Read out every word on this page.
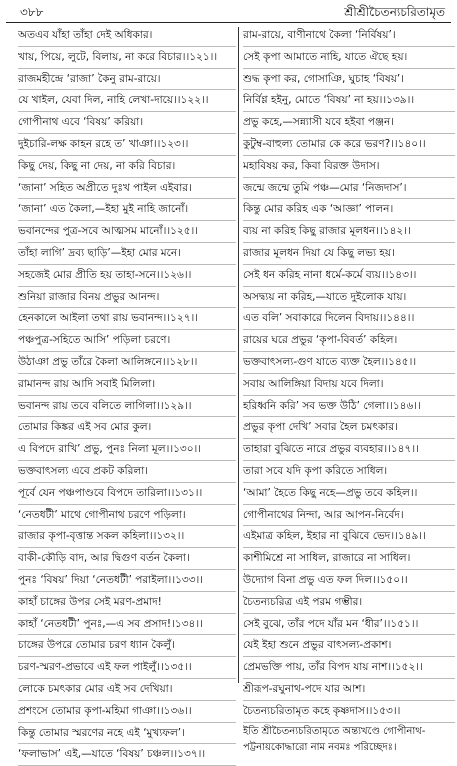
৩৮৮	শ্রীশ্রীচৈতন্যচরিতামৃত
অতএব যাঁহা তাঁহা দেই অধিকার।
খায়, পিয়ে, লুটে, বিলায়, না করে বিচার।।১২১।।
রাজমহীন্দ্রে ‘রাজা’ কৈনু রাম-রায়ে।
যে খাইল, যেবা দিল, নাহি লেখা-দায়ে।।১২২।।
গোপীনাথ এবে ‘বিষয়’ করিয়া।
দুইচারি-লক্ষ কাহন রহে ত’ খাঞা।।১২৩।।
কিছু দেয়, কিছু না দেয়, না করি বিচার।
‘জানা’ সহিত অপ্রীতে দুঃখ পাইল এইবার।
‘জানা’ এত কৈলা,—ইহা মুই নাহি জানোঁ।
ভবানন্দের পুত্র-সবে আত্মসম মানোঁ।।১২৫।।
তাঁহা লাগি’ দ্রব্য ছাড়ি’—ইহা মোর মনে।
সহজেই মোর প্রীতি হয় তাহা-সনে।।১২৬।।
শুনিয়া রাজার বিনয় প্রভুর আনন্দ।
হেনকালে আইলা তথা রায় ভবানন্দ।।১২৭।।
পঞ্চপুত্র-সহিতে আসি’ পড়িলা চরণে।
উঠাঞা প্রভু তাঁরে কৈলা আলিঙ্গনে।।১২৮।।
রামানন্দ রায় আদি সবাই মিলিলা।
ভবানন্দ রায় তবে বলিতে লাগিলা।।১২৯।।
তোমার কিঙ্কর এই সব মোর কুল।
এ বিপদে রাখি’ প্রভু, পুনঃ নিলা মূল।।১৩০।।
ভক্তবাৎসল্য এবে প্রকট করিলা।
পূর্বে যেন পঞ্চপাণ্ডবে বিপদে তারিলা।।১৩১।।
‘নেতধটী’ মাথে গোপীনাথ চরণে পড়িলা।
রাজার কৃপা-বৃত্তান্ত সকল কহিলা।।১৩২।।
বাকী-কৌড়ি বাদ, আর দ্বিগুণ বর্তন কৈলা।
পুনঃ ‘বিষয়’ দিয়া ‘নেতধটী’ পরাইলা।।১৩৩।।
কাহাঁ চাঙ্গের উপর সেই মরণ-প্রমাদ!
কাহাঁ ‘নেতধটী’ পুনঃ,—এ সব প্রসাদ!।১৩৪।।
চাঙ্গের উপরে তোমার চরণ ধ্যান কৈলুঁ।
চরণ-স্মরণ-প্রভাবে এই ফল পাইলুঁ।।১৩৫।।
লোকে চমৎকার মোর এই সব দেখিয়া।
প্রশংসে তোমার কৃপা-মহিমা গাঞা।।১৩৬।।
কিন্তু তোমার স্মরণের নহে এই ‘মুখ্যফল’।
‘ফলাভাস’ এই,—যাতে ‘বিষয়’ চঞ্চল।।১৩৭।।
রাম-রায়ে, বাণীনাথে কৈলা ‘নির্বিষয়’।
সেই কৃপা আমাতে নাহি, যাতে ঐছে হয়।
শুদ্ধ কৃপা কর, গোসাঞি, ঘুচাহ ‘বিষয়’।
নির্বিণ্ণ হইনু, মোতে ‘বিষয়’ না হয়।।১৩৯।।
প্রভু কহে,—সন্ন্যাসী যবে হইবা পঞ্জন।
কুটুম্ব-বাহুল্য তোমার কে করে ভরণ?।।১৪০।।
মহাবিষয় কর, কিবা বিরক্ত উদাস।
জন্মে জন্মে তুমি পঞ্চ—মোর ‘নিজদাস’।
কিন্তু মোর করিহ এক ‘আজ্ঞা’ পালন।
ব্যয় না করিহ কিছু রাজার মূলধন।।১৪২।।
রাজার মূলধন দিয়া যে কিছু লভ্য হয়।
সেই ধন করিহ নানা ধর্মে-কর্মে ব্যয়।।১৪৩।।
অসদ্ব্যয় না করিহ,—যাতে দুইলোক যায়।
এত বলি’ সবাকারে দিলেন বিদায়।।১৪৪।।
রায়ের ঘরে প্রভুর ‘কৃপা-বিবর্ত’ কহিল।
ভক্তবাৎসল্য-গুণ যাতে ব্যক্ত হৈল।।১৪৫।।
সবায় আলিঙ্গিয়া বিদায় যবে দিলা।
হরিধ্বনি করি’ সব ভক্ত উঠি’ গেলা।।১৪৬।।
প্রভুর কৃপা দেখি’ সবার হৈল চমৎকার।
তাহারা বুঝিতে নারে প্রভুর ব্যবহার।।১৪৭।।
তারা সবে যদি কৃপা করিতে সাধিল।
‘আমা’ হৈতে কিছু নহে—প্রভু তবে কহিল।।
গোপীনাথের নিন্দা, আর আপন-নির্বেদ।
এইমাত্র কহিল, ইহার না বুঝিবে ভেদ।।১৪৯।।
কাশীমিশ্রে না সাধিল, রাজারে না সাধিল।
উদ্যোগ বিনা প্রভু এত ফল দিল।।১৫০।।
চৈতন্যচরিত্র এই পরম গম্ভীর।
সেই বুঝে, তাঁর পদে যাঁর মন ‘ধীর’।।১৫১।।
যেই ইহা শুনে প্রভুর বাৎসল্য-প্রকাশ।
প্রেমভক্তি পায়, তাঁর বিপদ যায় নাশ।।১৫২।।
শ্রীরূপ-রঘুনাথ-পদে যার আশ।
চৈতন্যচরিতামৃত কহে কৃষ্ণদাস।।১৫৩।।
ইতি শ্রীচৈতন্যচরিতামৃতে অন্ত্যখণ্ডে গোপীনাথ-পট্টনায়কোদ্ধারো নাম নবমঃ পরিচ্ছেদঃ।
